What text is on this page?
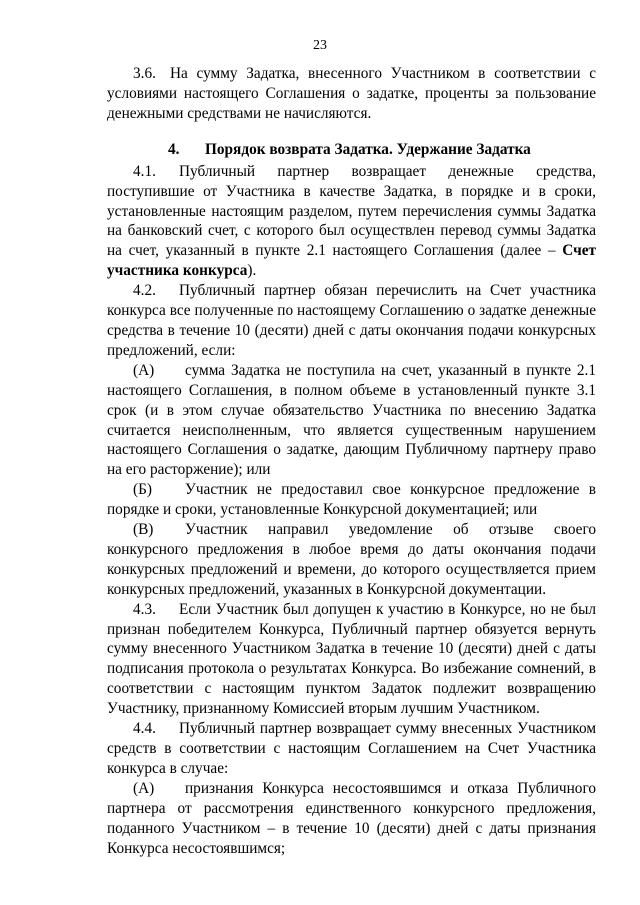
23

3.6. На сумму Задатка, внесенного Участником в соответствии с условиями настоящего Соглашения о задатке, проценты за пользование денежными средствами не начисляются.

4. Порядок возврата Задатка. Удержание Задатка

4.1. Публичный партнер возвращает денежные средства, поступившие от Участника в качестве Задатка, в порядке и в сроки, установленные настоящим разделом, путем перечисления суммы Задатка на банковский счет, с которого был осуществлен перевод суммы Задатка на счет, указанный в пункте 2.1 настоящего Соглашения (далее – Счет участника конкурса).

4.2. Публичный партнер обязан перечислить на Счет участника конкурса все полученные по настоящему Соглашению о задатке денежные средства в течение 10 (десяти) дней с даты окончания подачи конкурсных предложений, если:

(А) сумма Задатка не поступила на счет, указанный в пункте 2.1 настоящего Соглашения, в полном объеме в установленный пункте 3.1 срок (и в этом случае обязательство Участника по внесению Задатка считается неисполненным, что является существенным нарушением настоящего Соглашения о задатке, дающим Публичному партнеру право на его расторжение); или

(Б) Участник не предоставил свое конкурсное предложение в порядке и сроки, установленные Конкурсной документацией; или

(В) Участник направил уведомление об отзыве своего конкурсного предложения в любое время до даты окончания подачи конкурсных предложений и времени, до которого осуществляется прием конкурсных предложений, указанных в Конкурсной документации.

4.3. Если Участник был допущен к участию в Конкурсе, но не был признан победителем Конкурса, Публичный партнер обязуется вернуть сумму внесенного Участником Задатка в течение 10 (десяти) дней с даты подписания протокола о результатах Конкурса. Во избежание сомнений, в соответствии с настоящим пунктом Задаток подлежит возвращению Участнику, признанному Комиссией вторым лучшим Участником.

4.4. Публичный партнер возвращает сумму внесенных Участником средств в соответствии с настоящим Соглашением на Счет Участника конкурса в случае:

(А) признания Конкурса несостоявшимся и отказа Публичного партнера от рассмотрения единственного конкурсного предложения, поданного Участником – в течение 10 (десяти) дней с даты признания Конкурса несостоявшимся;
